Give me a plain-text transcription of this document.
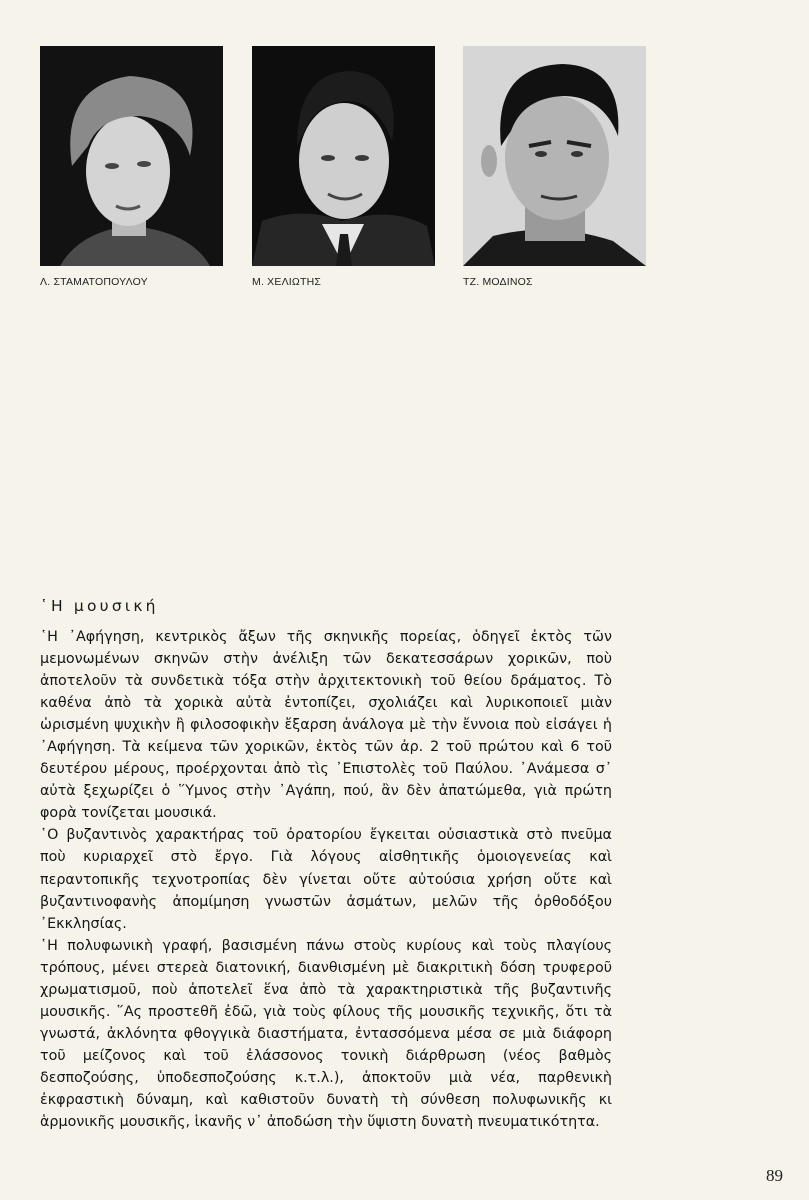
Λ. ΣΤΑΜΑΤΟΠΟΥΛΟΥ	Μ. ΧΕΛΙΩΤΗΣ	ΤΖ. ΜΟΔΙΝΟΣ
῾Η μουσική

῾Η ᾿Αφήγηση, κεντρικὸς ἄξων τῆς σκηνικῆς πορείας, ὁδηγεῖ ἐκτὸς τῶν μεμονωμένων σκηνῶν στὴν ἀνέλιξη τῶν δεκατεσσάρων χορικῶν, ποὺ ἀποτελοῦν τὰ συνδετικὰ τόξα στὴν ἀρχιτεκτονικὴ τοῦ θείου δράματος. Τὸ καθένα ἀπὸ τὰ χορικὰ αὐτὰ ἐντοπίζει, σχολιάζει καὶ λυρικοποιεῖ μιὰν ὡρισμένη ψυχικὴν ἢ φιλοσοφικὴν ἔξαρση ἀνάλογα μὲ τὴν ἔννοια ποὺ εἰσάγει ἡ ᾿Αφήγηση. Τὰ κείμενα τῶν χορικῶν, ἐκτὸς τῶν ἀρ. 2 τοῦ πρώτου καὶ 6 τοῦ δευτέρου μέρους, προέρχονται ἀπὸ τὶς ᾿Επιστολὲς τοῦ Παύλου. ᾿Ανάμεσα σ᾿ αὐτὰ ξεχωρίζει ὁ ῞Υμνος στὴν ᾿Αγάπη, πού, ἂν δὲν ἀπατώμεθα, γιὰ πρώτη φορὰ τονίζεται μουσικά.

῾Ο βυζαντινὸς χαρακτήρας τοῦ ὀρατορίου ἔγκειται οὐσιαστικὰ στὸ πνεῦμα ποὺ κυριαρχεῖ στὸ ἔργο. Γιὰ λόγους αἰσθητικῆς ὁμοιογενείας καὶ περαντοπικῆς τεχνοτροπίας δὲν γίνεται οὔτε αὐτούσια χρήση οὔτε καὶ βυζαντινοφανὴς ἀπομίμηση γνωστῶν ἀσμάτων, μελῶν τῆς ὀρθοδόξου ᾿Εκκλησίας.

῾Η πολυφωνικὴ γραφή, βασισμένη πάνω στοὺς κυρίους καὶ τοὺς πλαγίους τρόπους, μένει στερεὰ διατονική, διανθισμένη μὲ διακριτικὴ δόση τρυφεροῦ χρωματισμοῦ, ποὺ ἀποτελεῖ ἕνα ἀπὸ τὰ χαρακτηριστικὰ τῆς βυζαντινῆς μουσικῆς. ῞Ας προστεθῆ ἐδῶ, γιὰ τοὺς φίλους τῆς μουσικῆς τεχνικῆς, ὅτι τὰ γνωστά, ἀκλόνητα φθογγικὰ διαστήματα, ἐντασσόμενα μέσα σε μιὰ διάφορη τοῦ μείζονος καὶ τοῦ ἐλάσσονος τονικὴ διάρθρωση (νέος βαθμὸς δεσποζούσης, ὑποδεσποζούσης κ.τ.λ.), ἀποκτοῦν μιὰ νέα, παρθενικὴ ἐκφραστικὴ δύναμη, καὶ καθιστοῦν δυνατὴ τὴ σύνθεση πολυφωνικῆς κι ἁρμονικῆς μουσικῆς, ἱκανῆς ν᾿ ἀποδώση τὴν ὕψιστη δυνατὴ πνευματικότητα.

89
